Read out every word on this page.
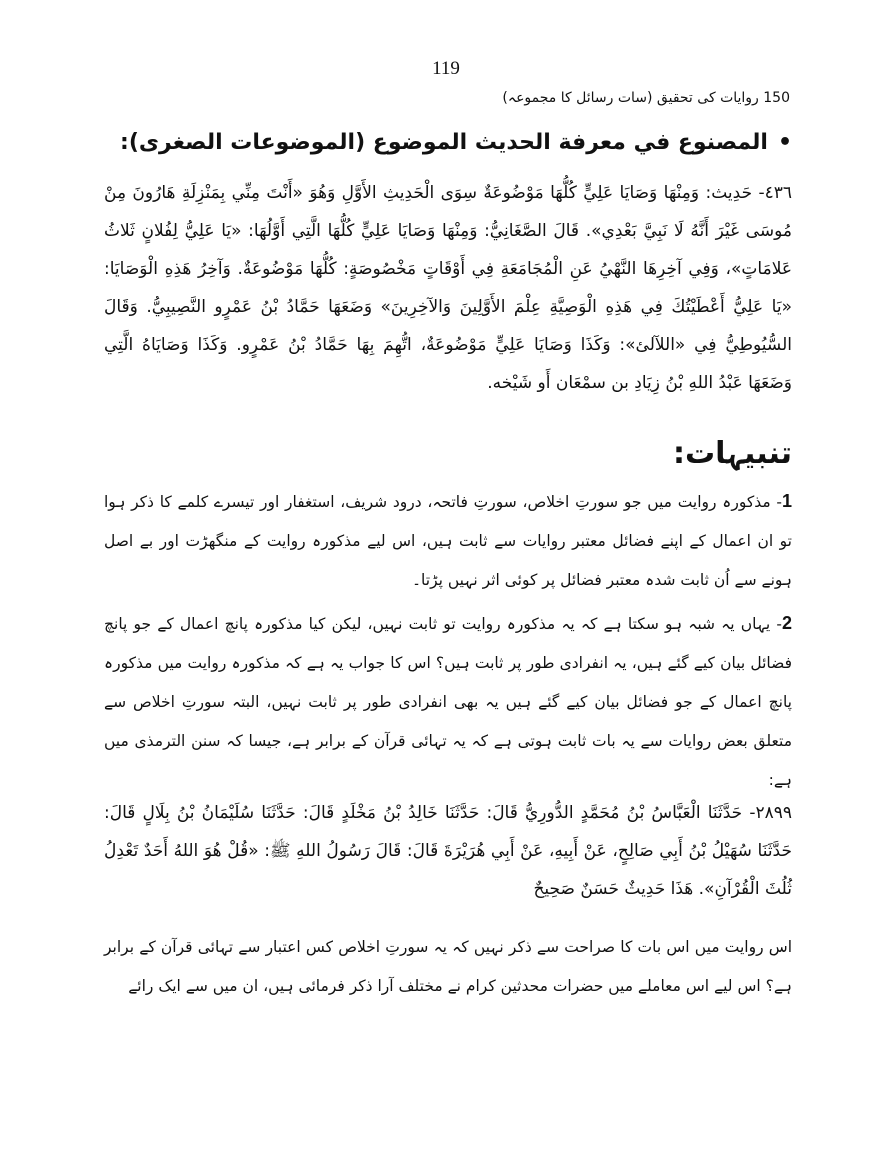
119
150 روایات کی تحقیق (سات رسائل کا مجموعہ)
•المصنوع في معرفة الحديث الموضوع (الموضوعات الصغرى):
٤٣٦- حَدِيث: وَمِنْهَا وَصَايَا عَلِيٍّ كُلُّهَا مَوْضُوعَةٌ سِوَى الْحَدِيثِ الأَوَّلِ وَهُوَ «أَنْتَ مِنِّي بِمَنْزِلَةِ هَارُونَ مِنْ مُوسَى غَيْرَ أَنَّهُ لَا نَبِيَّ بَعْدِي». قَالَ الصَّغَانِيُّ: وَمِنْهَا وَصَايَا عَلِيٍّ كُلُّهَا الَّتِي أَوَّلُهَا: «يَا عَلِيُّ لِفُلانٍ ثَلاثُ عَلامَاتٍ»، وَفِي آخِرِهَا النَّهْيُ عَنِ الْمُجَامَعَةِ فِي أَوْقَاتٍ مَخْصُوصَةٍ: كُلُّهَا مَوْضُوعَةٌ. وَآخِرُ هَذِهِ الْوَصَايَا: «يَا عَلِيُّ أَعْطَيْتُكَ فِي هَذِهِ الْوَصِيَّةِ عِلْمَ الأَوَّلِينَ وَالآخِرِينَ» وَضَعَهَا حَمَّادُ بْنُ عَمْرٍو النَّصِيبِيُّ. وَقَالَ السُّيُوطِيُّ فِي «اللآلئ»: وَكَذَا وَصَايَا عَلِيٍّ مَوْضُوعَةٌ، اتُّهِمَ بِهَا حَمَّادُ بْنُ عَمْرٍو. وَكَذَا وَصَايَاهُ الَّتِي وَضَعَهَا عَبْدُ اللهِ بْنُ زِيَادِ بن سمْعَان أَو شَيْخه.
تنبیہات:
1- مذکورہ روایت میں جو سورتِ اخلاص، سورتِ فاتحہ، درود شریف، استغفار اور تیسرے کلمے کا ذکر ہوا تو ان اعمال کے اپنے فضائل معتبر روایات سے ثابت ہیں، اس لیے مذکورہ روایت کے منگھڑت اور بے اصل ہونے سے اُن ثابت شدہ معتبر فضائل پر کوئی اثر نہیں پڑتا۔
2- یہاں یہ شبہ ہو سکتا ہے کہ یہ مذکورہ روایت تو ثابت نہیں، لیکن کیا مذکورہ پانچ اعمال کے جو پانچ فضائل بیان کیے گئے ہیں، یہ انفرادی طور پر ثابت ہیں؟ اس کا جواب یہ ہے کہ مذکورہ روایت میں مذکورہ پانچ اعمال کے جو فضائل بیان کیے گئے ہیں یہ بھی انفرادی طور پر ثابت نہیں، البتہ سورتِ اخلاص سے متعلق بعض روایات سے یہ بات ثابت ہوتی ہے کہ یہ تہائی قرآن کے برابر ہے، جیسا کہ سنن الترمذی میں ہے:
٢٨٩٩- حَدَّثَنَا الْعَبَّاسُ بْنُ مُحَمَّدٍ الدُّورِيُّ قَالَ: حَدَّثَنَا خَالِدُ بْنُ مَخْلَدٍ قَالَ: حَدَّثَنَا سُلَيْمَانُ بْنُ بِلَالٍ قَالَ: حَدَّثَنَا سُهَيْلُ بْنُ أَبِي صَالِحٍ، عَنْ أَبِيهِ، عَنْ أَبِي هُرَيْرَةَ قَالَ: قَالَ رَسُولُ اللهِ ﷺ: «قُلْ هُوَ اللهُ أَحَدٌ تَعْدِلُ ثُلُثَ الْقُرْآنِ». هَذَا حَدِيثٌ حَسَنٌ صَحِيحٌ
اس روایت میں اس بات کا صراحت سے ذکر نہیں کہ یہ سورتِ اخلاص کس اعتبار سے تہائی قرآن کے برابر ہے؟ اس لیے اس معاملے میں حضرات محدثین کرام نے مختلف آرا ذکر فرمائی ہیں، ان میں سے ایک رائے
